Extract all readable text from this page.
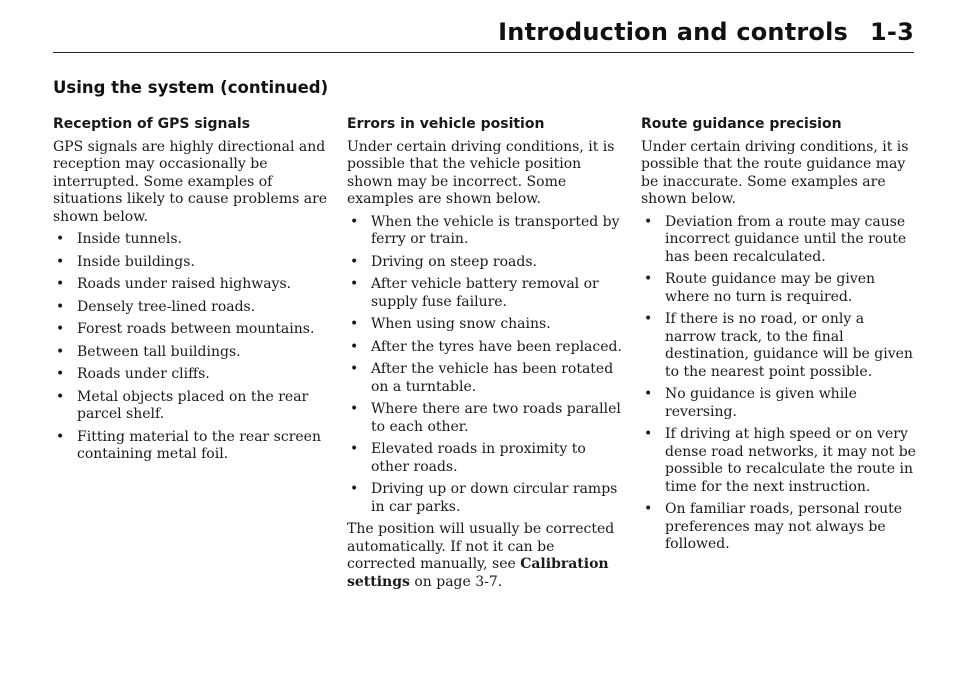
Introduction and controls 1-3
Using the system (continued)
Reception of GPS signals

GPS signals are highly directional and reception may occasionally be interrupted. Some examples of situations likely to cause problems are shown below.

• Inside tunnels.
• Inside buildings.
• Roads under raised highways.
• Densely tree-lined roads.
• Forest roads between mountains.
• Between tall buildings.
• Roads under cliffs.
• Metal objects placed on the rear parcel shelf.
• Fitting material to the rear screen containing metal foil.
Errors in vehicle position

Under certain driving conditions, it is possible that the vehicle position shown may be incorrect. Some examples are shown below.

• When the vehicle is transported by ferry or train.
• Driving on steep roads.
• After vehicle battery removal or supply fuse failure.
• When using snow chains.
• After the tyres have been replaced.
• After the vehicle has been rotated on a turntable.
• Where there are two roads parallel to each other.
• Elevated roads in proximity to other roads.
• Driving up or down circular ramps in car parks.

The position will usually be corrected automatically. If not it can be corrected manually, see Calibration settings on page 3-7.

Route guidance precision

Under certain driving conditions, it is possible that the route guidance may be inaccurate. Some examples are shown below.

• Deviation from a route may cause incorrect guidance until the route has been recalculated.
• Route guidance may be given where no turn is required.
• If there is no road, or only a narrow track, to the final destination, guidance will be given to the nearest point possible.
• No guidance is given while reversing.
• If driving at high speed or on very dense road networks, it may not be possible to recalculate the route in time for the next instruction.
• On familiar roads, personal route preferences may not always be followed.
